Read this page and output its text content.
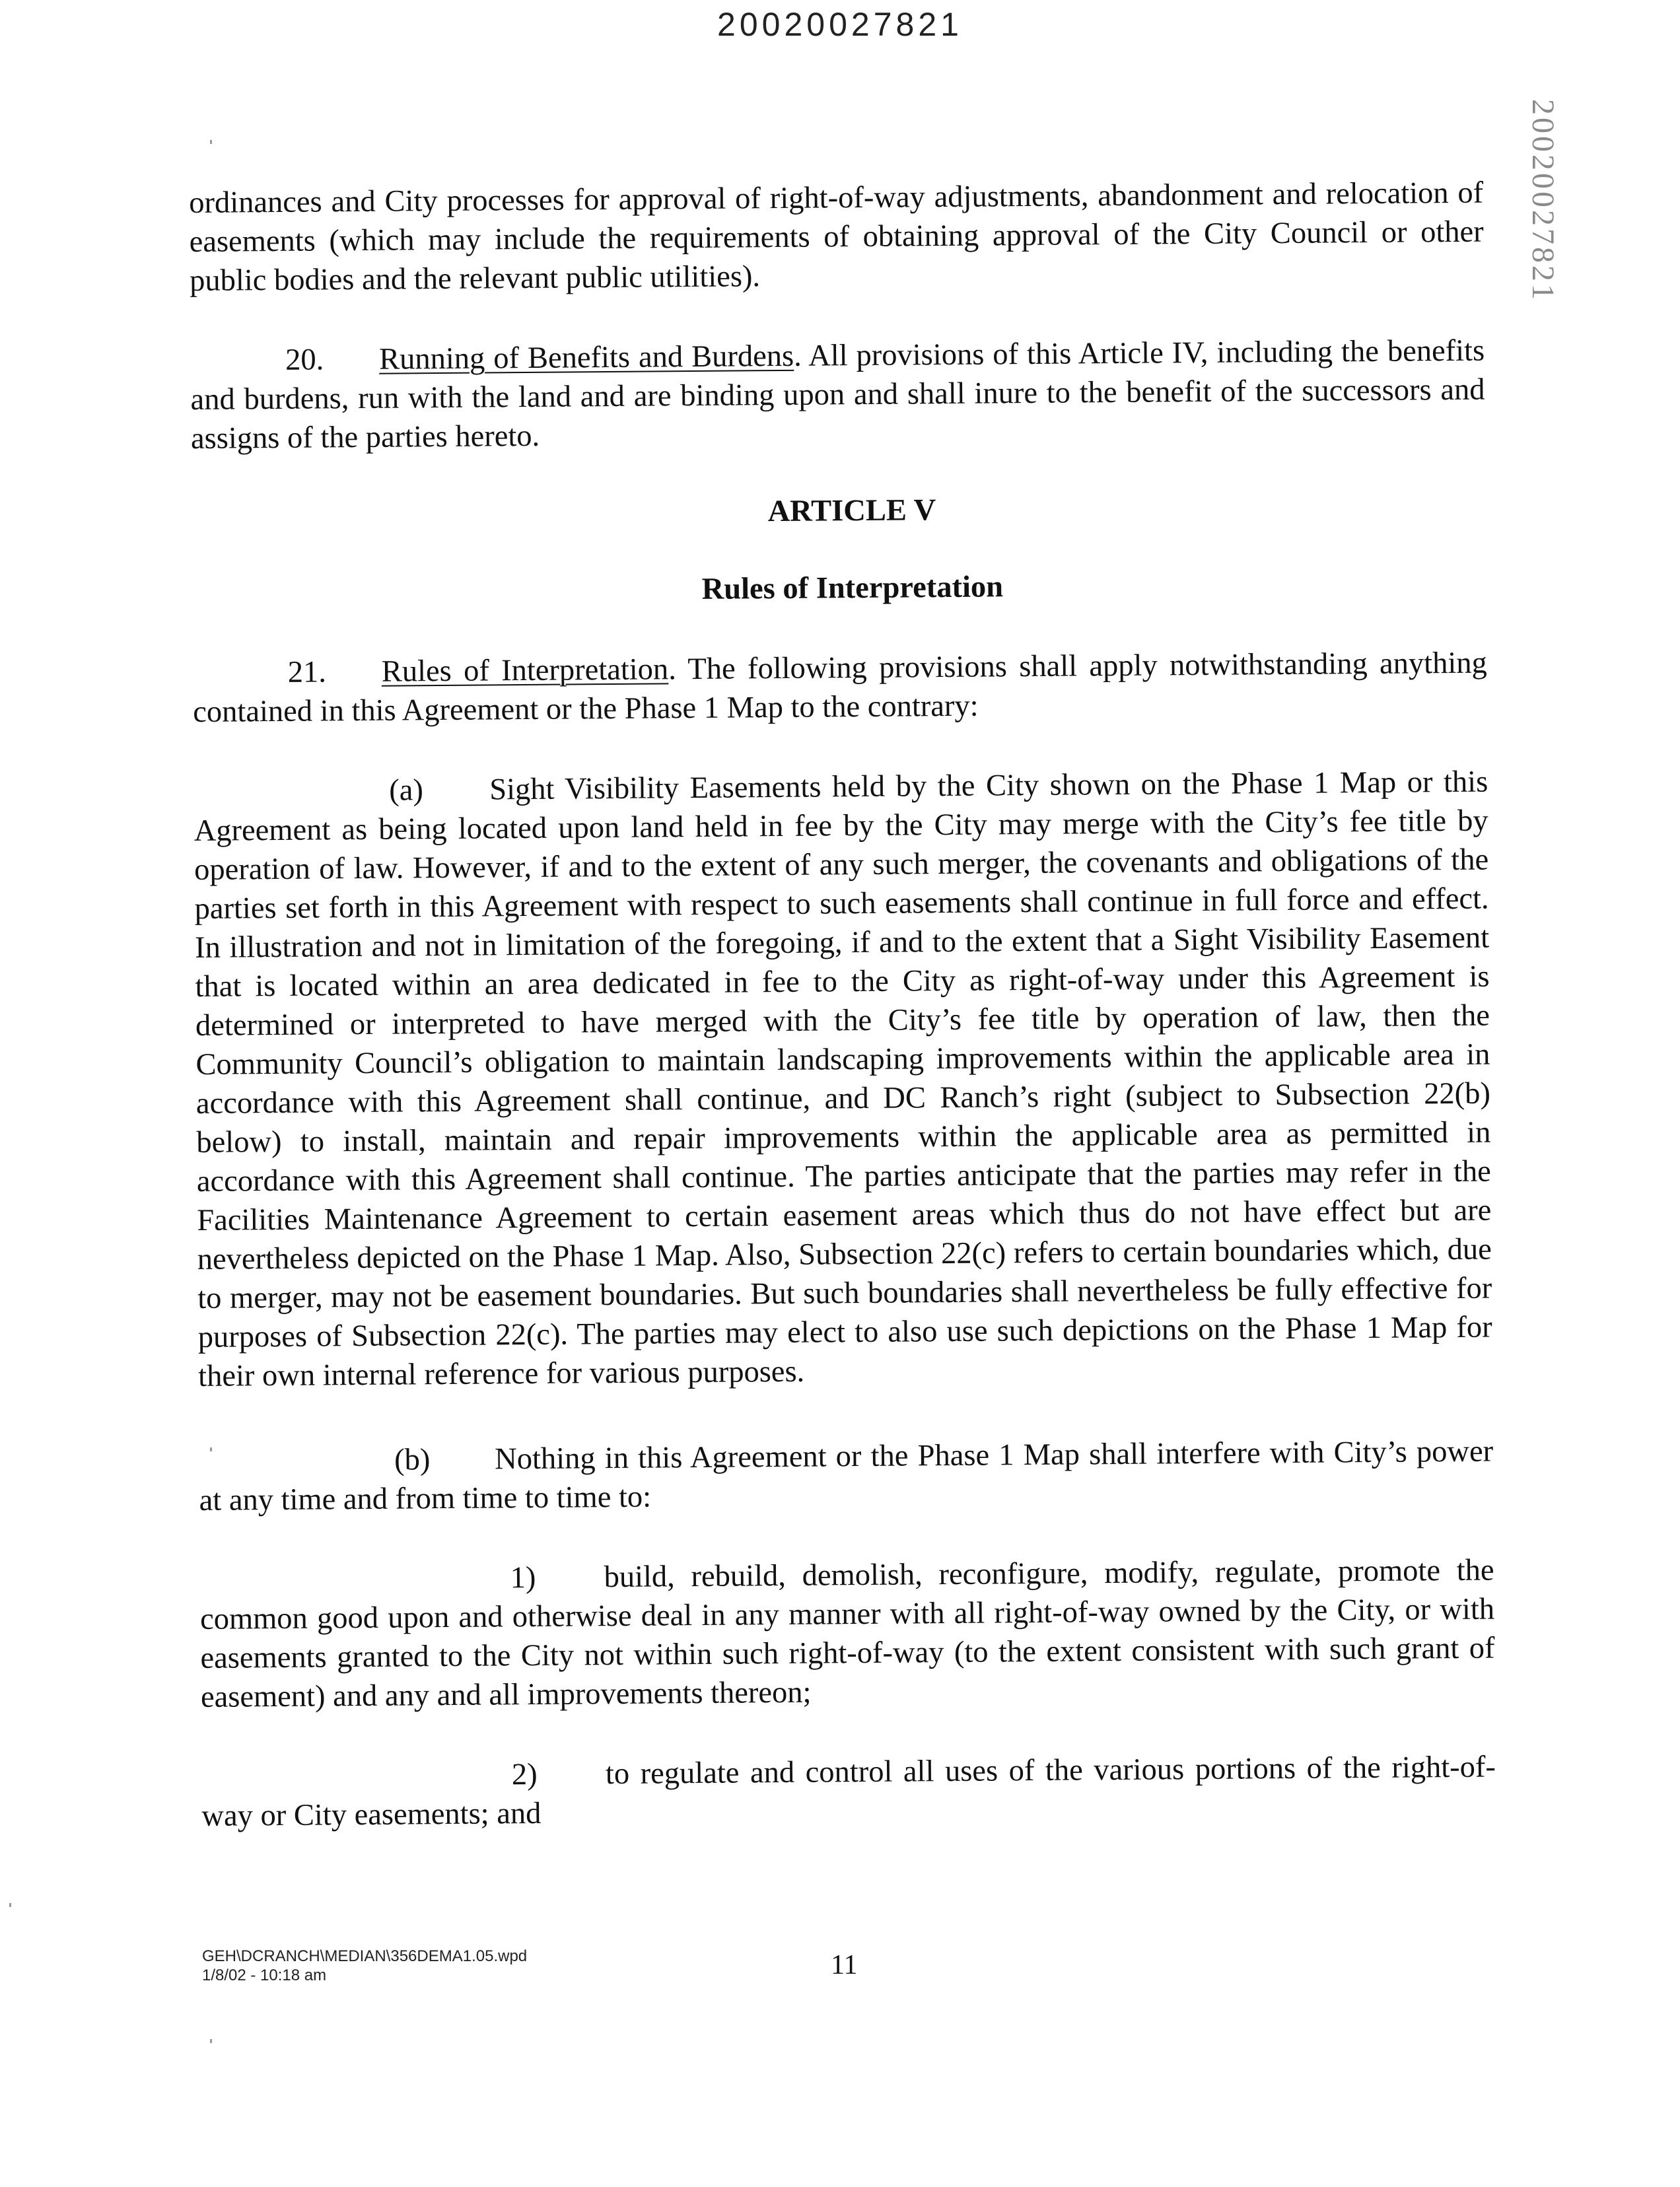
20020027821
20020027821

ordinances and City processes for approval of right-of-way adjustments, abandonment and relocation of easements (which may include the requirements of obtaining approval of the City Council or other public bodies and the relevant public utilities).

20. Running of Benefits and Burdens. All provisions of this Article IV, including the benefits and burdens, run with the land and are binding upon and shall inure to the benefit of the successors and assigns of the parties hereto.

ARTICLE V

Rules of Interpretation

21. Rules of Interpretation. The following provisions shall apply notwithstanding anything contained in this Agreement or the Phase 1 Map to the contrary:

(a) Sight Visibility Easements held by the City shown on the Phase 1 Map or this Agreement as being located upon land held in fee by the City may merge with the City’s fee title by operation of law. However, if and to the extent of any such merger, the covenants and obligations of the parties set forth in this Agreement with respect to such easements shall continue in full force and effect. In illustration and not in limitation of the foregoing, if and to the extent that a Sight Visibility Easement that is located within an area dedicated in fee to the City as right-of-way under this Agreement is determined or interpreted to have merged with the City’s fee title by operation of law, then the Community Council’s obligation to maintain landscaping improvements within the applicable area in accordance with this Agreement shall continue, and DC Ranch’s right (subject to Subsection 22(b) below) to install, maintain and repair improvements within the applicable area as permitted in accordance with this Agreement shall continue. The parties anticipate that the parties may refer in the Facilities Maintenance Agreement to certain easement areas which thus do not have effect but are nevertheless depicted on the Phase 1 Map. Also, Subsection 22(c) refers to certain boundaries which, due to merger, may not be easement boundaries. But such boundaries shall nevertheless be fully effective for purposes of Subsection 22(c). The parties may elect to also use such depictions on the Phase 1 Map for their own internal reference for various purposes.

(b) Nothing in this Agreement or the Phase 1 Map shall interfere with City’s power at any time and from time to time to:

1) build, rebuild, demolish, reconfigure, modify, regulate, promote the common good upon and otherwise deal in any manner with all right-of-way owned by the City, or with easements granted to the City not within such right-of-way (to the extent consistent with such grant of easement) and any and all improvements thereon;

2) to regulate and control all uses of the various portions of the right-of-way or City easements; and

GEH\DCRANCH\MEDIAN\356DEMA1.05.wpd
1/8/02 - 10:18 am	11
